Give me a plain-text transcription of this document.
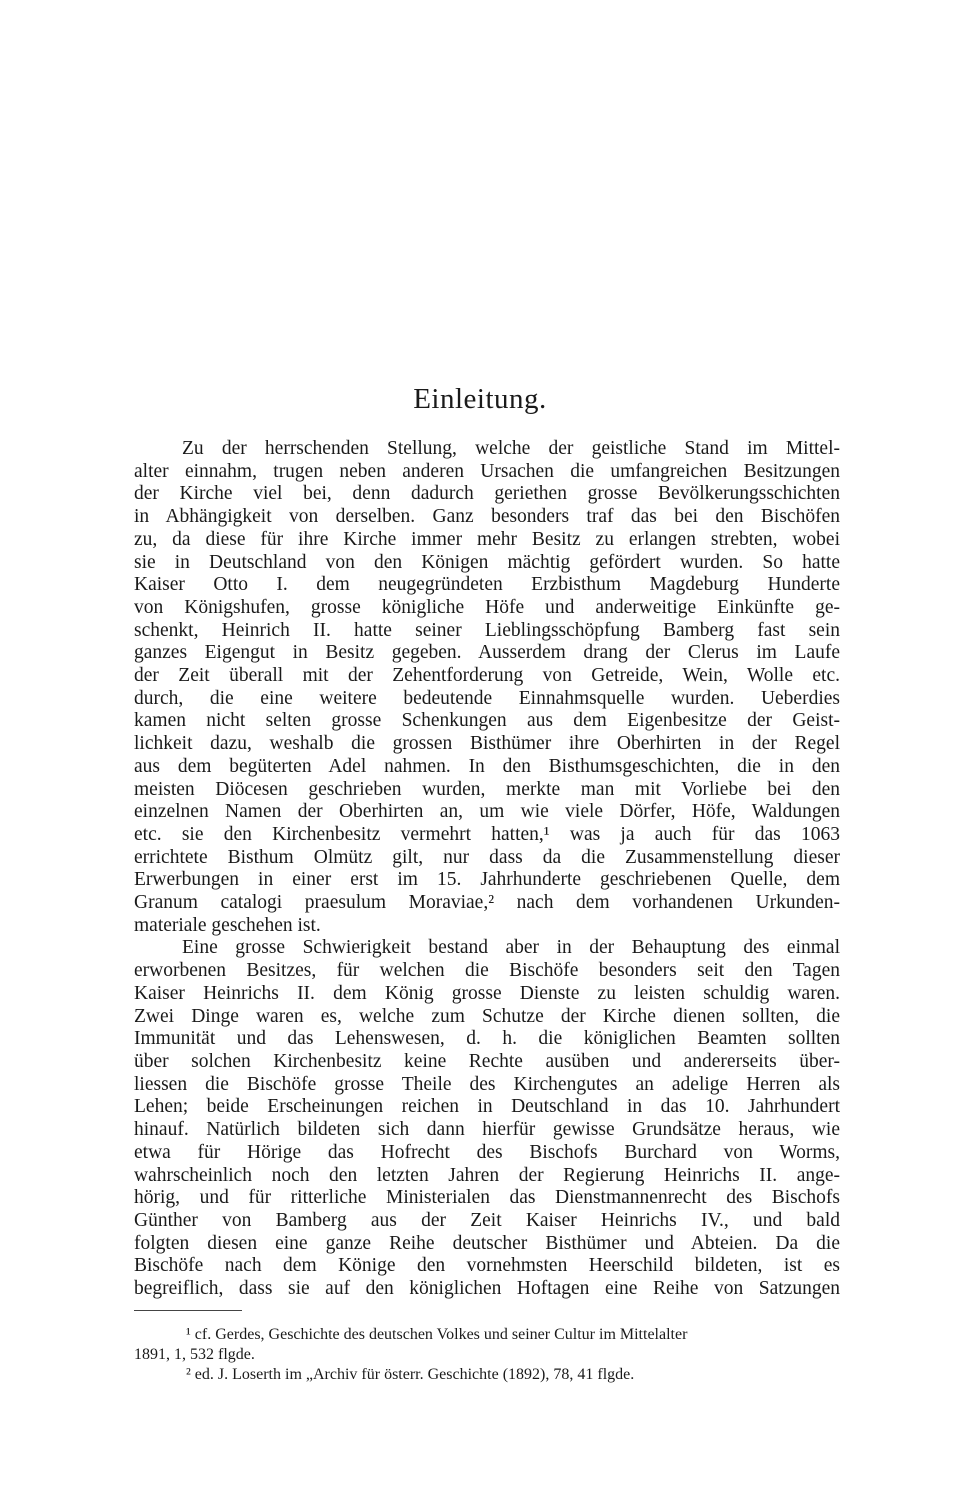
Einleitung.

Zu der herrschenden Stellung, welche der geistliche Stand im Mittel-
alter einnahm, trugen neben anderen Ursachen die umfangreichen Besitzungen
der Kirche viel bei, denn dadurch geriethen grosse Bevölkerungsschichten
in Abhängigkeit von derselben. Ganz besonders traf das bei den Bischöfen
zu, da diese für ihre Kirche immer mehr Besitz zu erlangen strebten, wobei
sie in Deutschland von den Königen mächtig gefördert wurden. So hatte
Kaiser Otto I. dem neugegründeten Erzbisthum Magdeburg Hunderte
von Königshufen, grosse königliche Höfe und anderweitige Einkünfte ge-
schenkt, Heinrich II. hatte seiner Lieblingsschöpfung Bamberg fast sein
ganzes Eigengut in Besitz gegeben. Ausserdem drang der Clerus im Laufe
der Zeit überall mit der Zehentforderung von Getreide, Wein, Wolle etc.
durch, die eine weitere bedeutende Einnahmsquelle wurden. Ueberdies
kamen nicht selten grosse Schenkungen aus dem Eigenbesitze der Geist-
lichkeit dazu, weshalb die grossen Bisthümer ihre Oberhirten in der Regel
aus dem begüterten Adel nahmen. In den Bisthumsgeschichten, die in den
meisten Diöcesen geschrieben wurden, merkte man mit Vorliebe bei den
einzelnen Namen der Oberhirten an, um wie viele Dörfer, Höfe, Waldungen
etc. sie den Kirchenbesitz vermehrt hatten,¹ was ja auch für das 1063
errichtete Bisthum Olmütz gilt, nur dass da die Zusammenstellung dieser
Erwerbungen in einer erst im 15. Jahrhunderte geschriebenen Quelle, dem
Granum catalogi praesulum Moraviae,² nach dem vorhandenen Urkunden-
materiale geschehen ist.

Eine grosse Schwierigkeit bestand aber in der Behauptung des einmal
erworbenen Besitzes, für welchen die Bischöfe besonders seit den Tagen
Kaiser Heinrichs II. dem König grosse Dienste zu leisten schuldig waren.
Zwei Dinge waren es, welche zum Schutze der Kirche dienen sollten, die
Immunität und das Lehenswesen, d. h. die königlichen Beamten sollten
über solchen Kirchenbesitz keine Rechte ausüben und andererseits über-
liessen die Bischöfe grosse Theile des Kirchengutes an adelige Herren als
Lehen; beide Erscheinungen reichen in Deutschland in das 10. Jahrhundert
hinauf. Natürlich bildeten sich dann hierfür gewisse Grundsätze heraus, wie
etwa für Hörige das Hofrecht des Bischofs Burchard von Worms,
wahrscheinlich noch den letzten Jahren der Regierung Heinrichs II. ange-
hörig, und für ritterliche Ministerialen das Dienstmannenrecht des Bischofs
Günther von Bamberg aus der Zeit Kaiser Heinrichs IV., und bald
folgten diesen eine ganze Reihe deutscher Bisthümer und Abteien. Da die
Bischöfe nach dem Könige den vornehmsten Heerschild bildeten, ist es
begreiflich, dass sie auf den königlichen Hoftagen eine Reihe von Satzungen

¹ cf. Gerdes, Geschichte des deutschen Volkes und seiner Cultur im Mittelalter
1891, 1, 532 flgde.

² ed. J. Loserth im „Archiv für österr. Geschichte (1892), 78, 41 flgde.
